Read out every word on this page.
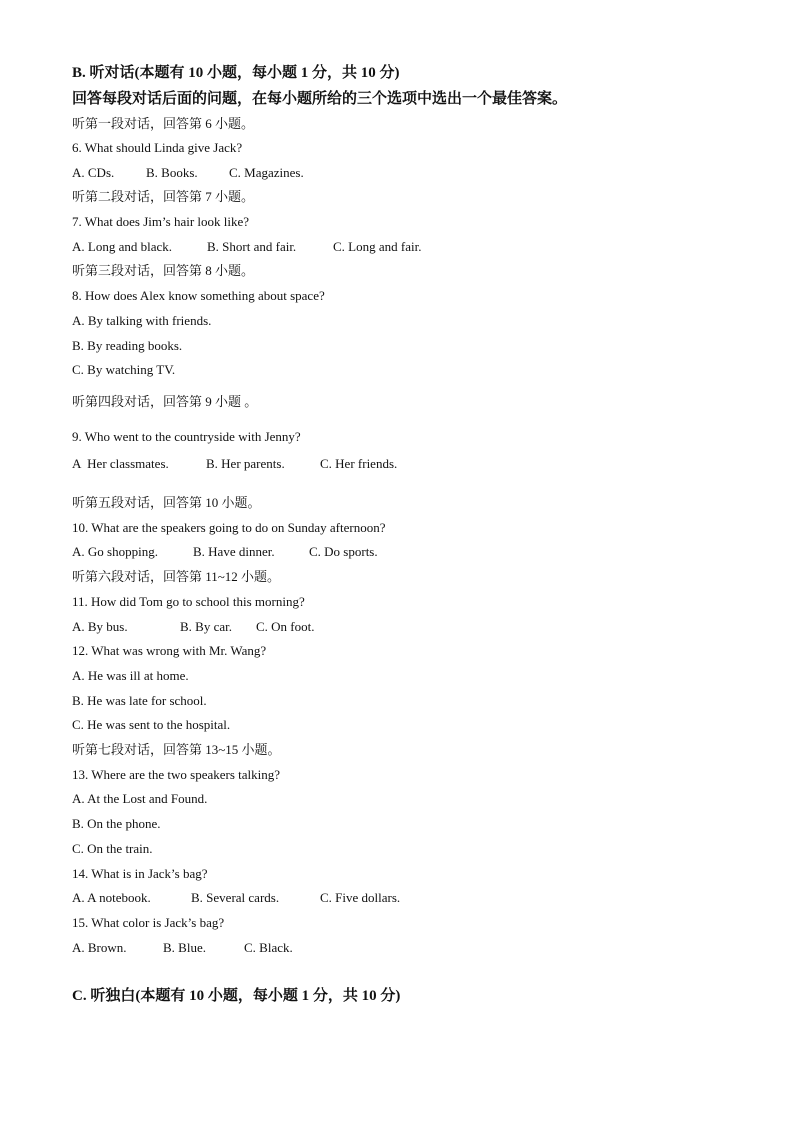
B. 听对话(本题有 10 小题，每小题 1 分，共 10 分)
回答每段对话后面的问题，在每小题所给的三个选项中选出一个最佳答案。
听第一段对话，回答第 6 小题。
6. What should Linda give Jack?

A. CDs.

B. Books.

C. Magazines.

听第二段对话，回答第 7 小题。
7. What does Jim’s hair look like?

A. Long and black.

	B. Short and fair.

	C. Long and fair.

听第三段对话，回答第 8 小题。
8. How does Alex know something about space?
A. By talking with friends.
B. By reading books.
C. By watching TV.
听第四段对话，回答第 9 小题 。
9. Who went to the countryside with Jenny?

A  Her classmates.

	B. Her parents.

	C. Her friends.

听第五段对话，回答第 10 小题。
10. What are the speakers going to do on Sunday afternoon?

A. Go shopping.

	B. Have dinner.

	C. Do sports.

听第六段对话，回答第 11~12 小题。
11. How did Tom go to school this morning?

A. By bus.

	B. By car.

C. On foot.

12. What was wrong with Mr. Wang?
A. He was ill at home.
B. He was late for school.
C. He was sent to the hospital.
听第七段对话，回答第 13~15 小题。
13. Where are the two speakers talking?
A. At the Lost and Found.
B. On the phone.
C. On the train.
14. What is in Jack’s bag?

A. A notebook.

	B. Several cards.

	C. Five dollars.

15. What color is Jack’s bag?

A. Brown.

	B. Blue.

	C. Black.

C. 听独白(本题有 10 小题，每小题 1 分，共 10 分)
